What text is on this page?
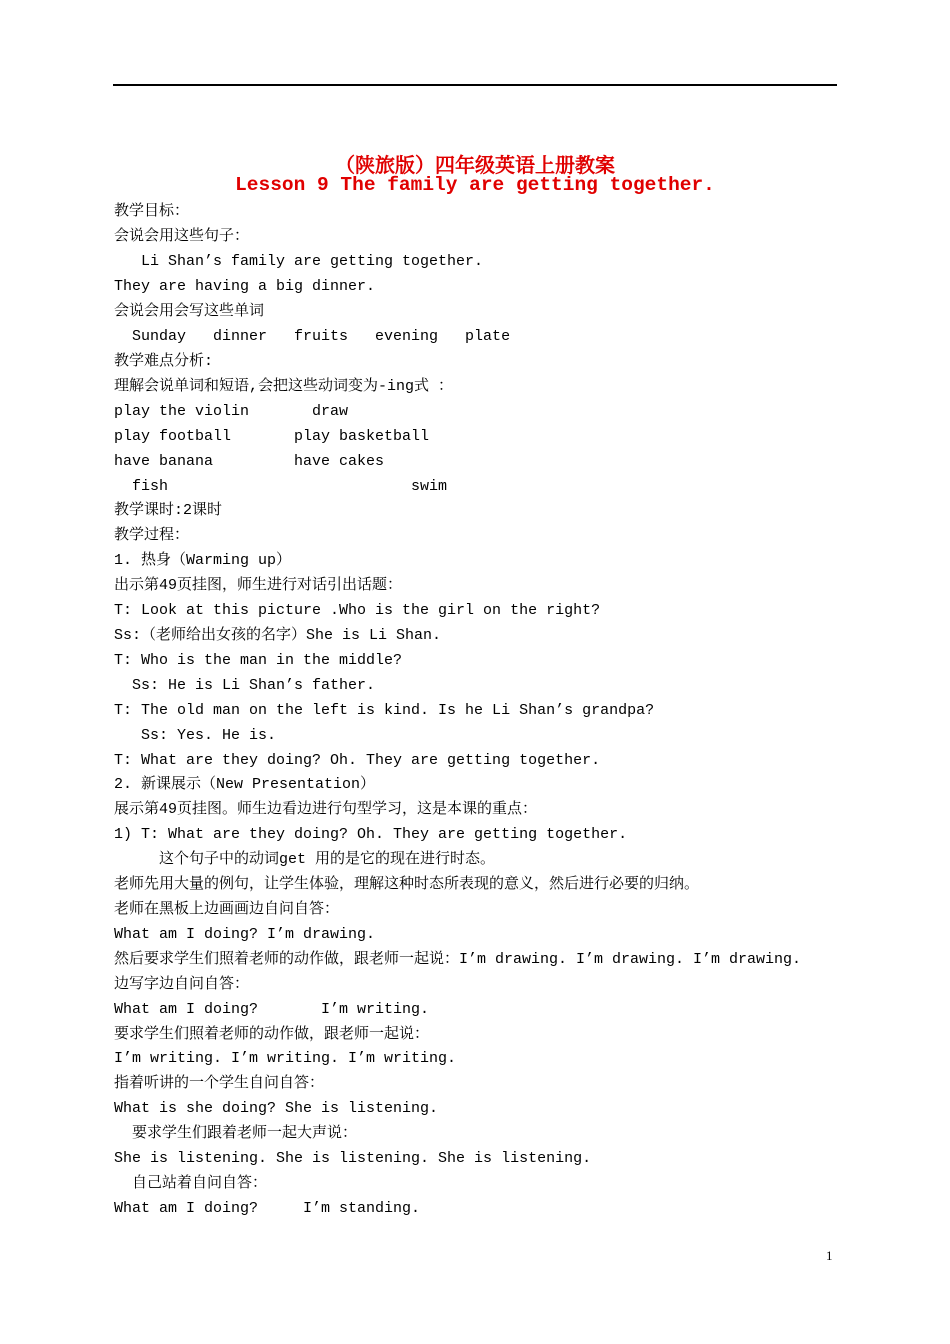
（陕旅版）四年级英语上册教案
Lesson 9 The family are getting together.
教学目标：
会说会用这些句子：
Li Shan’s family are getting together.
They are having a big dinner.
会说会用会写这些单词
Sunday   dinner   fruits   evening   plate
教学难点分析:
理解会说单词和短语,会把这些动词变为-ing式 ：
play the violin       draw
play football       play basketball
have banana         have cakes
fish                           swim
教学课时:2课时
教学过程：
1. 热身（Warming up）
出示第49页挂图，师生进行对话引出话题：
T: Look at this picture .Who is the girl on the right?
Ss:（老师给出女孩的名字）She is Li Shan.
T: Who is the man in the middle?
Ss: He is Li Shan’s father.
T: The old man on the left is kind. Is he Li Shan’s grandpa?
Ss: Yes. He is.
T: What are they doing? Oh. They are getting together.
2. 新课展示（New Presentation）
展示第49页挂图。师生边看边进行句型学习，这是本课的重点：
1) T: What are they doing? Oh. They are getting together.
这个句子中的动词get 用的是它的现在进行时态。
老师先用大量的例句，让学生体验，理解这种时态所表现的意义，然后进行必要的归纳。
老师在黑板上边画画边自问自答：
What am I doing? I’m drawing.
然后要求学生们照着老师的动作做，跟老师一起说：I’m drawing. I’m drawing. I’m drawing.
边写字边自问自答：
What am I doing?       I’m writing.
要求学生们照着老师的动作做，跟老师一起说：
I’m writing. I’m writing. I’m writing.
指着听讲的一个学生自问自答：
What is she doing? She is listening.
要求学生们跟着老师一起大声说：
She is listening. She is listening. She is listening.
自己站着自问自答：
What am I doing?     I’m standing.
1
